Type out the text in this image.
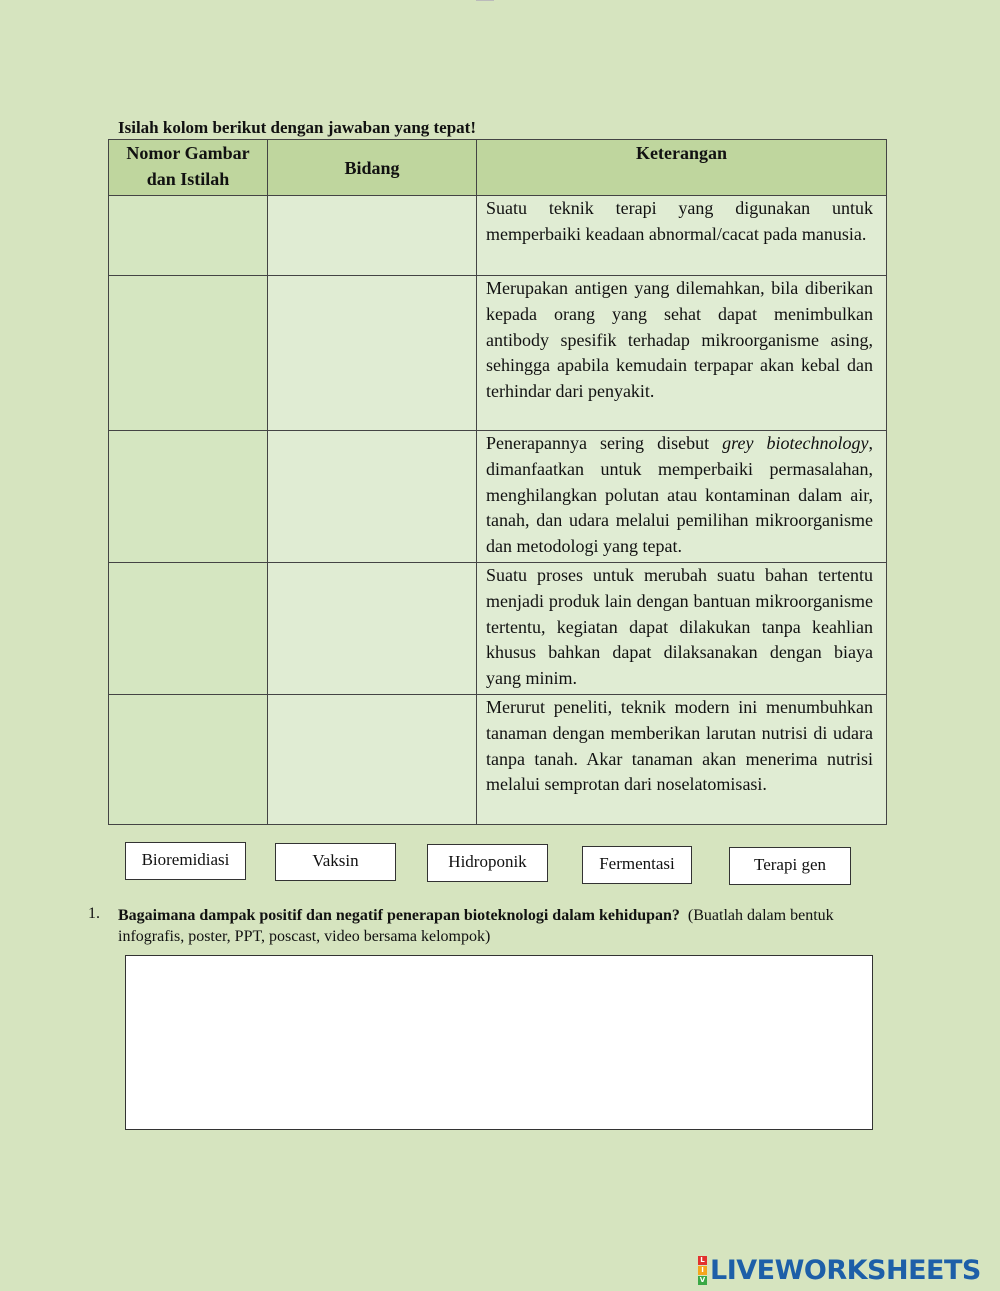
Isilah kolom berikut dengan jawaban yang tepat!
Nomor Gambar
dan Istilah	Bidang	Keterangan
		Suatu teknik terapi yang digunakan untuk memperbaiki keadaan abnormal/cacat pada manusia.
		Merupakan antigen yang dilemahkan, bila diberikan kepada orang yang sehat dapat menimbulkan antibody spesifik terhadap mikroorganisme asing, sehingga apabila kemudain terpapar akan kebal dan terhindar dari penyakit.
		Penerapannya sering disebut grey biotechnology, dimanfaatkan untuk memperbaiki permasalahan, menghilangkan polutan atau kontaminan dalam air, tanah, dan udara melalui pemilihan mikroorganisme dan metodologi yang tepat.
		Suatu proses untuk merubah suatu bahan tertentu menjadi produk lain dengan bantuan mikroorganisme tertentu, kegiatan dapat dilakukan tanpa keahlian khusus bahkan dapat dilaksanakan dengan biaya yang minim.
		Merurut peneliti, teknik modern ini menumbuhkan tanaman dengan memberikan larutan nutrisi di udara tanpa tanah. Akar tanaman akan menerima nutrisi melalui semprotan dari noselatomisasi.
Bioremidiasi	Vaksin	Hidroponik	Fermentasi	Terapi gen
1. Bagaimana dampak positif dan negatif penerapan bioteknologi dalam kehidupan? (Buatlah dalam bentuk infografis, poster, PPT, poscast, video bersama kelompok)
L
I
V LIVEWORKSHEETS
